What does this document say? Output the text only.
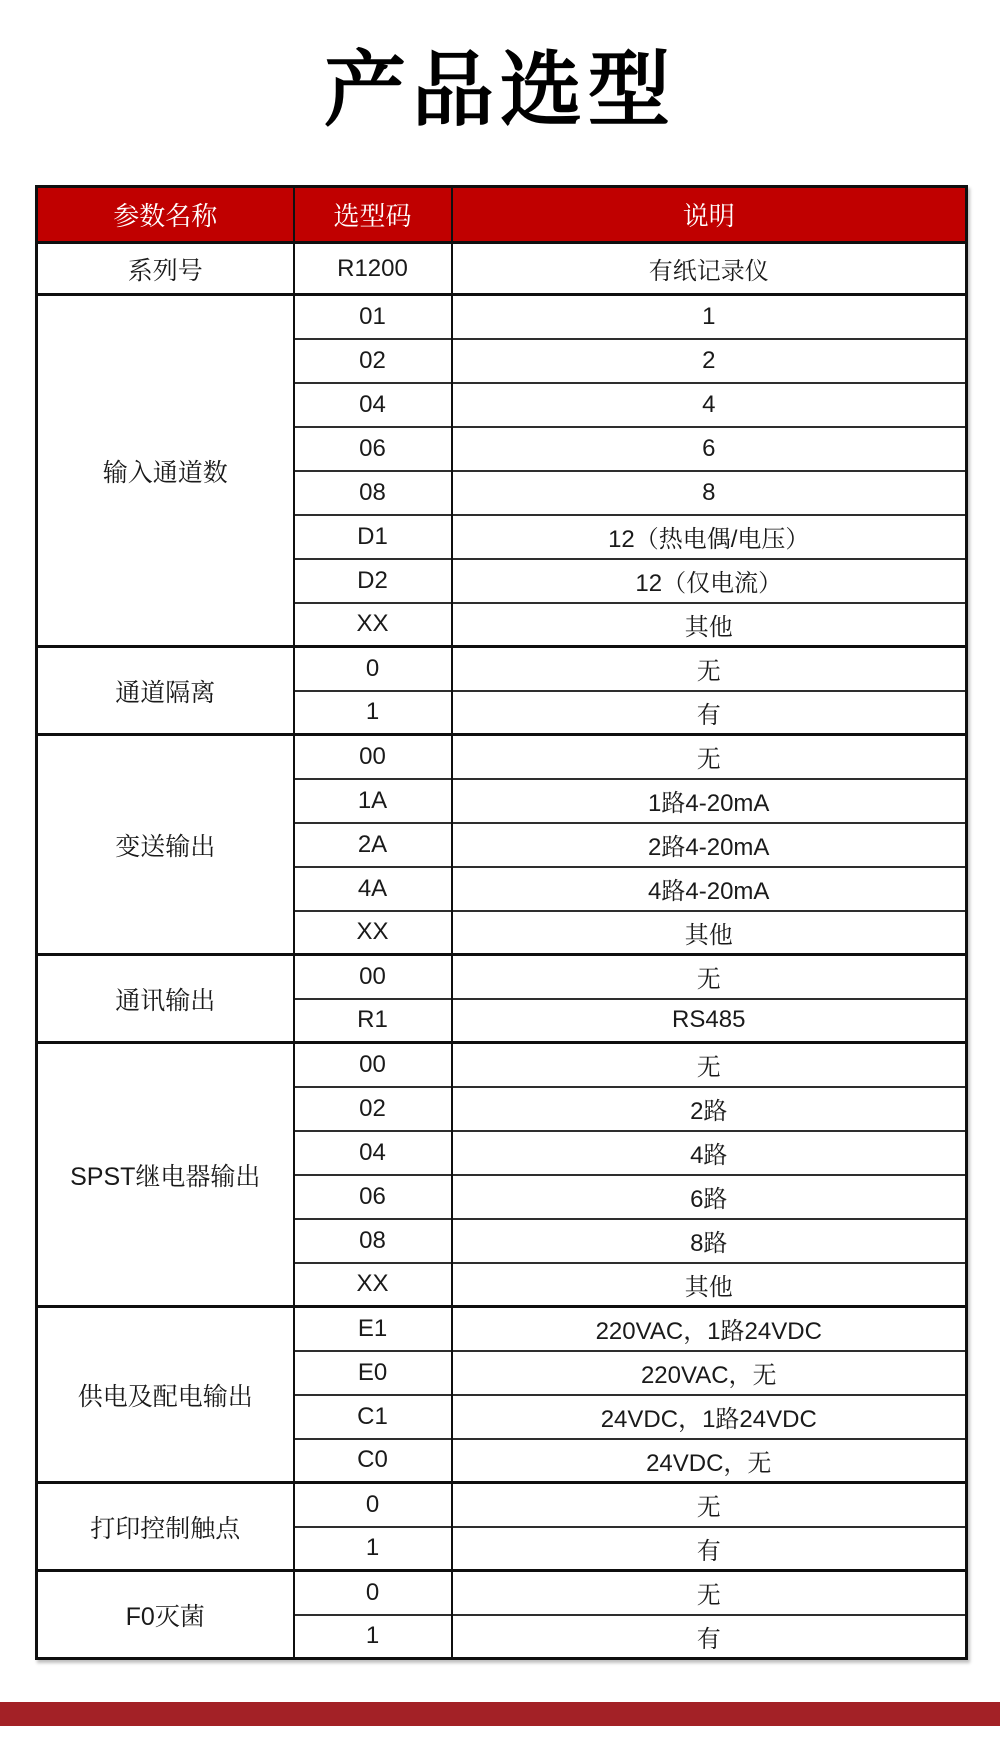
产品选型
参数名称	选型码	说明
系列号	R1200	有纸记录仪
输入通道数	01	1
	02	2
	04	4
	06	6
	08	8
	D1	12（热电偶/电压）
	D2	12（仅电流）
	XX	其他
通道隔离	0	无
	1	有
变送输出	00	无
	1A	1路4-20mA
	2A	2路4-20mA
	4A	4路4-20mA
	XX	其他
通讯输出	00	无
	R1	RS485
SPST继电器输出	00	无
	02	2路
	04	4路
	06	6路
	08	8路
	XX	其他
供电及配电输出	E1	220VAC，1路24VDC
	E0	220VAC，无
	C1	24VDC，1路24VDC
	C0	24VDC，无
打印控制触点	0	无
	1	有
F0灭菌	0	无
	1	有
